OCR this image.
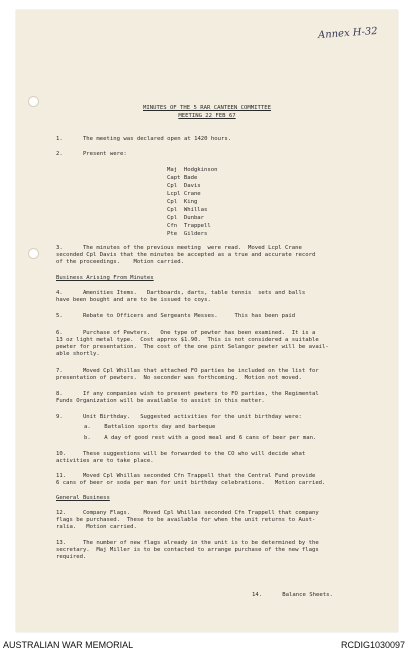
Annex H-32
MINUTES OF THE 5 RAR CANTEEN COMMITTEE
MEETING 22 FEB 67
1.      The meeting was declared open at 1420 hours.
2.      Present were:
Maj  Hodgkinson
Capt Bade
Cpl  Davis
Lcpl Crane
Cpl  King
Cpl  Whillas
Cpl  Dunbar
Cfn  Trappell
Pte  Gilders
3.      The minutes of the previous meeting  were read.  Moved Lcpl Crane
seconded Cpl Davis that the minutes be accepted as a true and accurate record
of the proceedings.    Motion carried.
Business Arising From Minutes
4.      Amenities Items.   Dartboards, darts, table tennis  sets and balls
have been bought and are to be issued to coys.
5.      Rebate to Officers and Sergeants Messes.     This has been paid
6.      Purchase of Pewters.   One type of pewter has been examined.  It is a
13 oz light metal type.  Cost approx $1.90.  This is not considered a suitable
pewter for presentation.  The cost of the one pint Selangor pewter will be avail-
able shortly.
7.      Moved Cpl Whillas that attached FO parties be included on the list for
presentation of pewters.  No seconder was forthcoming.  Motion not moved.
8.      If any companies wish to present pewters to FO parties, the Regimental
Funds Organization will be available to assist in this matter.
9.      Unit Birthday.   Suggested activities for the unit birthday were:
a.    Battalion sports day and barbeque
b.    A day of good rest with a good meal and 6 cans of beer per man.
10.     These suggestions will be forwarded to the CO who will decide what
activities are to take place.
11.     Moved Cpl Whillas seconded Cfn Trappell that the Central Fund provide
6 cans of beer or soda per man for unit birthday celebrations.   Motion carried.
General Business
12.     Company Flags.    Moved Cpl Whillas seconded Cfn Trappell that company
flags be purchased.  These to be available for when the unit returns to Aust-
ralia.   Motion carried.
13.     The number of new flags already in the unit is to be determined by the
secretary.  Maj Miller is to be contacted to arrange purchase of the new flags
required.
14.      Balance Sheets.
AUSTRALIAN WAR MEMORIAL	RCDIG1030097
